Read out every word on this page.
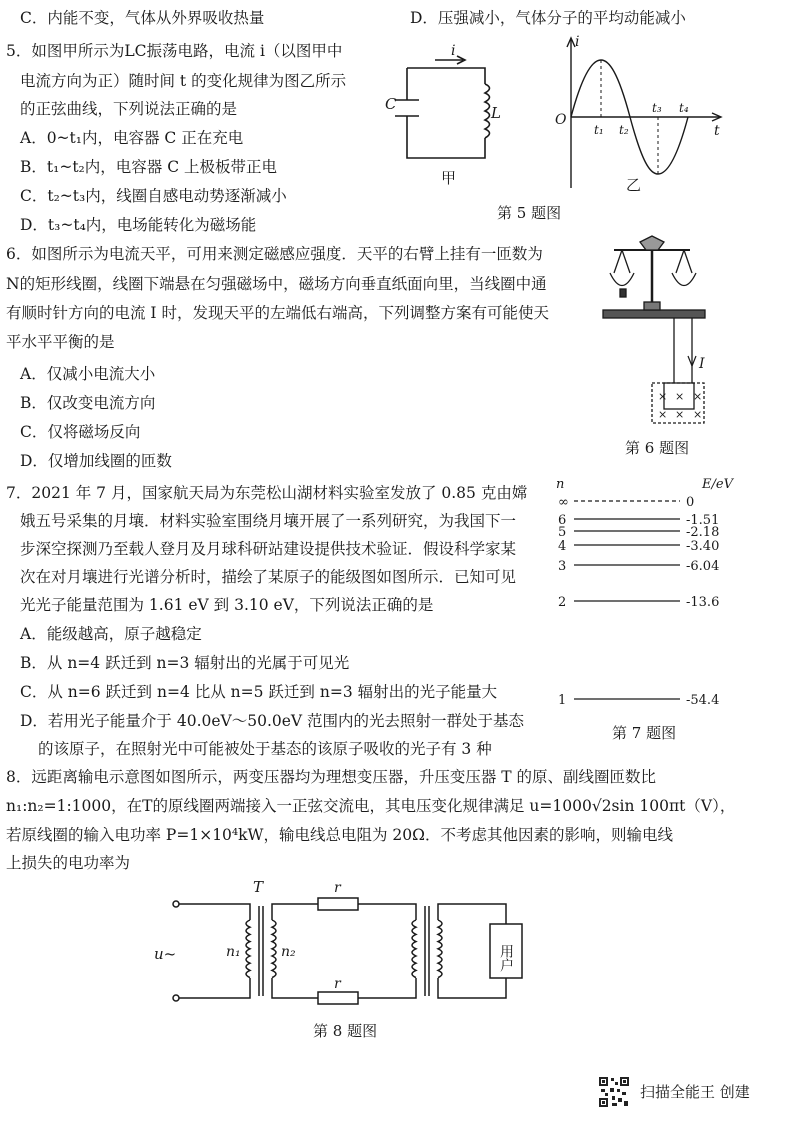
C．内能不变，气体从外界吸收热量	D．压强减小，气体分子的平均动能减小
5．如图甲所示为LC振荡电路，电流 i（以图甲中
电流方向为正）随时间 t 的变化规律为图乙所示
的正弦曲线，下列说法正确的是
A．0~t₁内，电容器 C 正在充电
B．t₁~t₂内，电容器 C 上极板带正电
C．t₂~t₃内，线圈自感电动势逐渐减小
D．t₃~t₄内，电场能转化为磁场能
i
C	L
甲
i
O
t
t₁ t₂
t₃ t₄
乙
第 5 题图
6．如图所示为电流天平，可用来测定磁感应强度．天平的右臂上挂有一匝数为
N的矩形线圈，线圈下端悬在匀强磁场中，磁场方向垂直纸面向里，当线圈中通
有顺时针方向的电流 I 时，发现天平的左端低右端高，下列调整方案有可能使天
平水平平衡的是
A．仅减小电流大小
B．仅改变电流方向
C．仅将磁场反向
D．仅增加线圈的匝数
I
× × ×
× × ×
第 6 题图
7．2021 年 7 月，国家航天局为东莞松山湖材料实验室发放了 0.85 克由嫦
娥五号采集的月壤．材料实验室围绕月壤开展了一系列研究，为我国下一
步深空探测乃至载人登月及月球科研站建设提供技术验证．假设科学家某
次在对月壤进行光谱分析时，描绘了某原子的能级图如图所示．已知可见
光光子能量范围为 1.61 eV 到 3.10 eV，下列说法正确的是
A．能级越高，原子越稳定
B．从 n=4 跃迁到 n=3 辐射出的光属于可见光
C．从 n=6 跃迁到 n=4 比从 n=5 跃迁到 n=3 辐射出的光子能量大
D．若用光子能量介于 40.0eV～50.0eV 范围内的光去照射一群处于基态
的该原子，在照射光中可能被处于基态的该原子吸收的光子有 3 种
n	E/eV
∞	0
6	-1.51
5	-2.18
4	-3.40
3	-6.04
2	-13.6
1	-54.4
第 7 题图
8．远距离输电示意图如图所示，两变压器均为理想变压器，升压变压器 T 的原、副线圈匝数比
n₁:n₂=1:1000，在T的原线圈两端接入一正弦交流电，其电压变化规律满足 u=1000√2sin 100πt（V），
若原线圈的输入电功率 P=1×10⁴kW，输电线总电阻为 20Ω．不考虑其他因素的影响，则输电线
上损失的电功率为
T
u~	n₁	n₂
r
r
用户
第 8 题图
扫描全能王 创建
